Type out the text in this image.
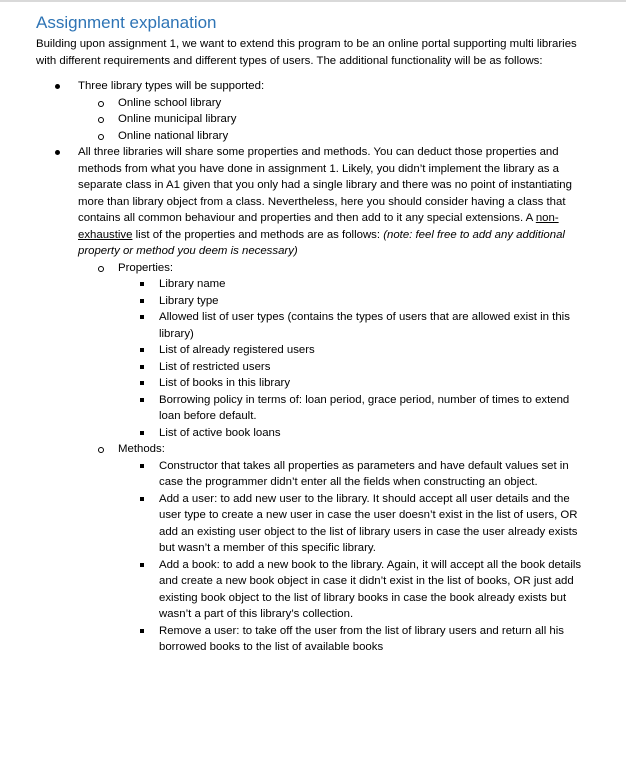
Assignment explanation

Building upon assignment 1, we want to extend this program to be an online portal supporting multi libraries with different requirements and different types of users. The additional functionality will be as follows:

Three library types will be supported:
Online school library
Online municipal library
Online national library
All three libraries will share some properties and methods. You can deduct those properties and methods from what you have done in assignment 1. Likely, you didn’t implement the library as a separate class in A1 given that you only had a single library and there was no point of instantiating more than library object from a class. Nevertheless, here you should consider having a class that contains all common behaviour and properties and then add to it any special extensions. A non-exhaustive list of the properties and methods are as follows: (note: feel free to add any additional property or method you deem is necessary)
Properties:
Library name
Library type
Allowed list of user types (contains the types of users that are allowed exist in this library)
List of already registered users
List of restricted users
List of books in this library
Borrowing policy in terms of: loan period, grace period, number of times to extend loan before default.
List of active book loans
Methods:
Constructor that takes all properties as parameters and have default values set in case the programmer didn’t enter all the fields when constructing an object.
Add a user: to add new user to the library. It should accept all user details and the user type to create a new user in case the user doesn’t exist in the list of users, OR add an existing user object to the list of library users in case the user already exists but wasn’t a member of this specific library.
Add a book: to add a new book to the library. Again, it will accept all the book details and create a new book object in case it didn’t exist in the list of books, OR just add existing book object to the list of library books in case the book already exists but wasn’t a part of this library’s collection.
Remove a user: to take off the user from the list of library users and return all his borrowed books to the list of available books
